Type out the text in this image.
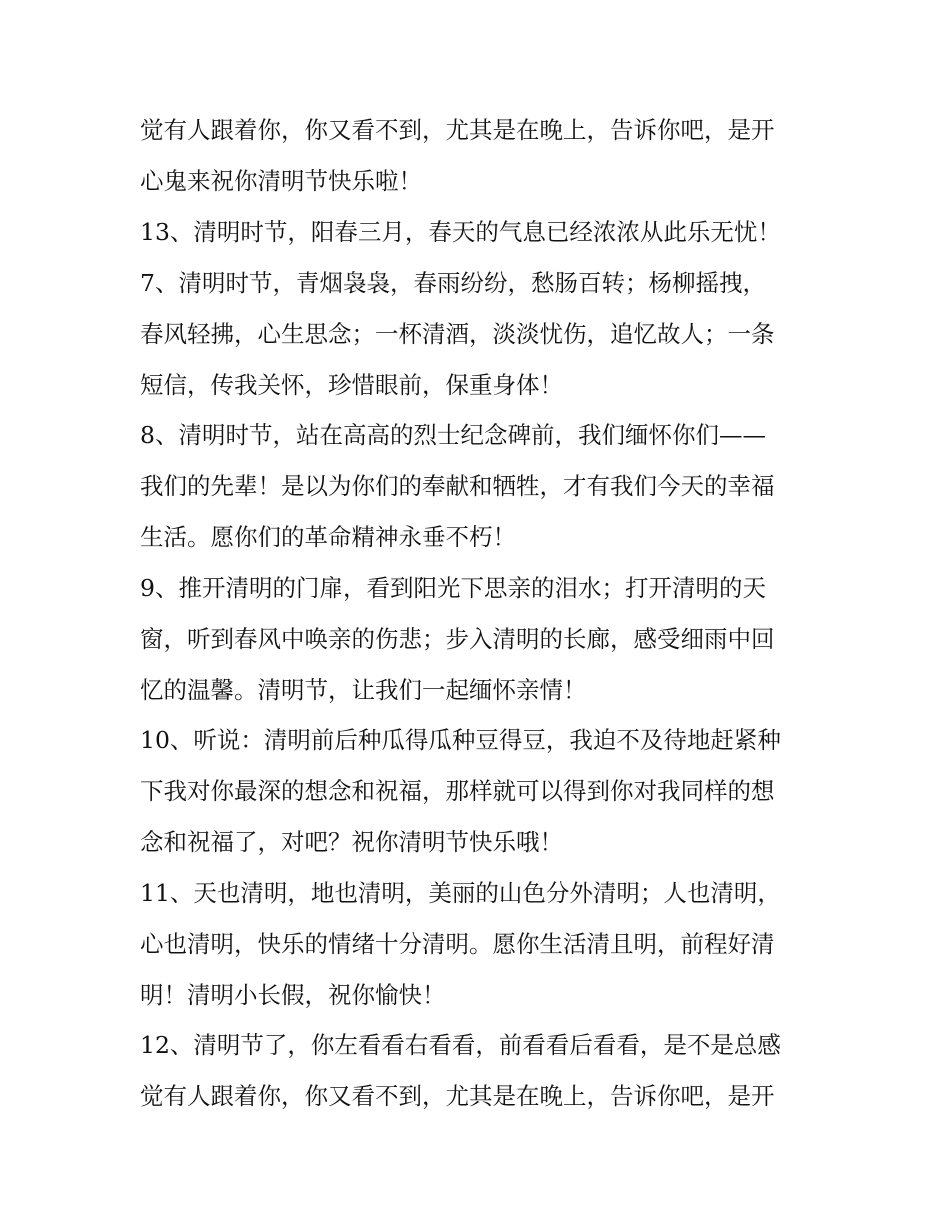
觉有人跟着你，你又看不到，尤其是在晚上，告诉你吧，是开
心鬼来祝你清明节快乐啦！
13、清明时节，阳春三月，春天的气息已经浓浓从此乐无忧！
7、清明时节，青烟袅袅，春雨纷纷，愁肠百转；杨柳摇拽，
春风轻拂，心生思念；一杯清酒，淡淡忧伤，追忆故人；一条
短信，传我关怀，珍惜眼前，保重身体！
8、清明时节，站在高高的烈士纪念碑前，我们缅怀你们——
我们的先辈！是以为你们的奉献和牺牲，才有我们今天的幸福
生活。愿你们的革命精神永垂不朽！
9、推开清明的门扉，看到阳光下思亲的泪水；打开清明的天
窗，听到春风中唤亲的伤悲；步入清明的长廊，感受细雨中回
忆的温馨。清明节，让我们一起缅怀亲情！
10、听说：清明前后种瓜得瓜种豆得豆，我迫不及待地赶紧种
下我对你最深的想念和祝福，那样就可以得到你对我同样的想
念和祝福了，对吧？祝你清明节快乐哦！
11、天也清明，地也清明，美丽的山色分外清明；人也清明，
心也清明，快乐的情绪十分清明。愿你生活清且明，前程好清
明！清明小长假，祝你愉快！
12、清明节了，你左看看右看看，前看看后看看，是不是总感
觉有人跟着你，你又看不到，尤其是在晚上，告诉你吧，是开
